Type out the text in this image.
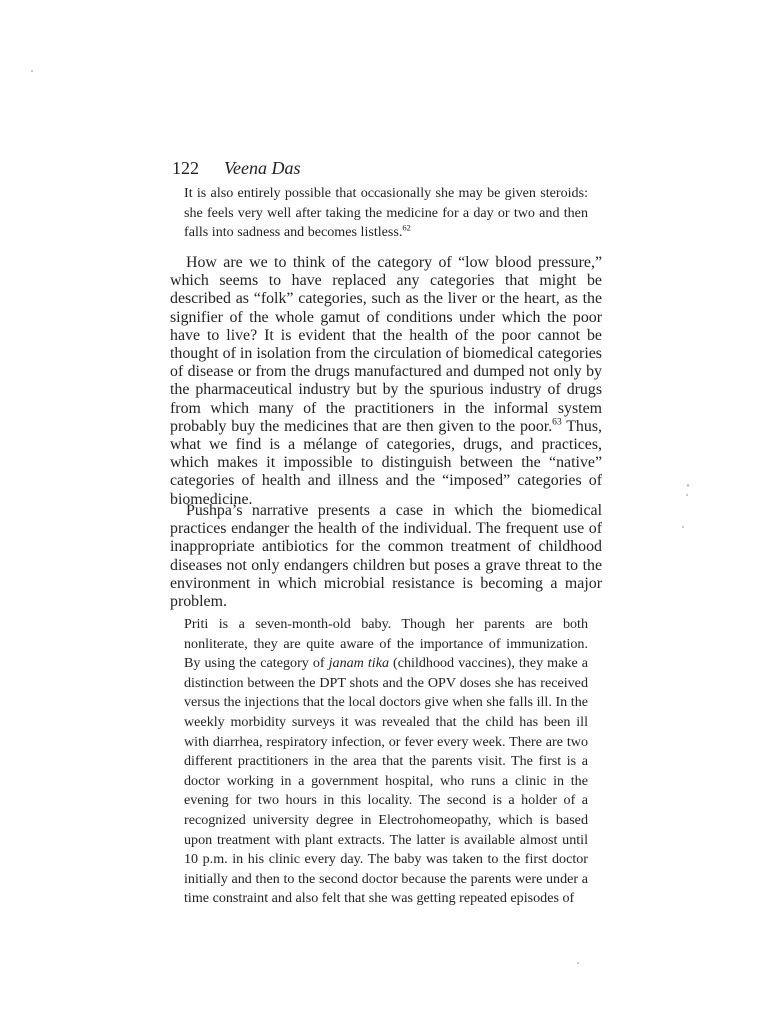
122 Veena Das

It is also entirely possible that occasionally she may be given steroids: she feels very well after taking the medicine for a day or two and then falls into sadness and becomes listless.$^{62}$

How are we to think of the category of “low blood pressure,” which seems to have replaced any categories that might be described as “folk” categories, such as the liver or the heart, as the signifier of the whole gamut of conditions under which the poor have to live? It is evident that the health of the poor cannot be thought of in isolation from the circulation of biomedical categories of disease or from the drugs manufactured and dumped not only by the pharmaceutical industry but by the spurious industry of drugs from which many of the practitioners in the informal system probably buy the medicines that are then given to the poor.$^{63}$ Thus, what we find is a mélange of categories, drugs, and practices, which makes it impossible to distinguish between the “native” categories of health and illness and the “imposed” categories of biomedicine.

Pushpa’s narrative presents a case in which the biomedical practices endanger the health of the individual. The frequent use of inappropriate antibiotics for the common treatment of childhood diseases not only endangers children but poses a grave threat to the environment in which microbial resistance is becoming a major problem.

Priti is a seven-month-old baby. Though her parents are both nonliterate, they are quite aware of the importance of immunization. By using the category of janam tika (childhood vaccines), they make a distinction between the DPT shots and the OPV doses she has received versus the injections that the local doctors give when she falls ill. In the weekly morbidity surveys it was revealed that the child has been ill with diarrhea, respiratory infection, or fever every week. There are two different practitioners in the area that the parents visit. The first is a doctor working in a government hospital, who runs a clinic in the evening for two hours in this locality. The second is a holder of a recognized university degree in Electrohomeopathy, which is based upon treatment with plant extracts. The latter is available almost until 10 p.m. in his clinic every day. The baby was taken to the first doctor initially and then to the second doctor because the parents were under a time constraint and also felt that she was getting repeated episodes of
